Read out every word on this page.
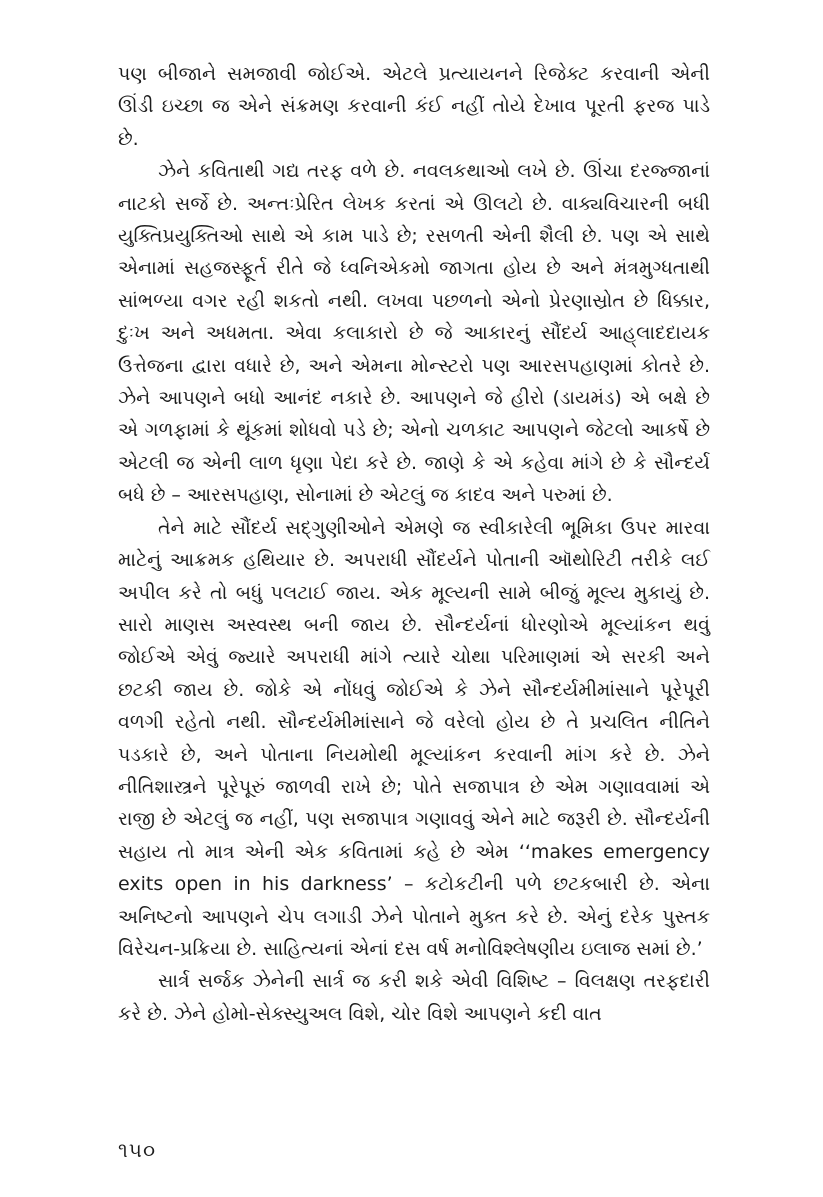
પણ બીજાને સમજાવી જોઈએ. એટલે પ્રત્યાયનને રિજેક્ટ કરવાની એની ઊંડી ઇચ્છા જ એને સંક્રમણ કરવાની કંઈ નહીં તોયે દેખાવ પૂરતી ફરજ પાડે છે.

ઝેને કવિતાથી ગદ્ય તરફ વળે છે. નવલકથાઓ લખે છે. ઊંચા દરજ્જાનાં નાટકો સર્જે છે. અન્તઃપ્રેરિત લેખક કરતાં એ ઊલટો છે. વાક્યવિચારની બધી યુક્તિપ્રયુક્તિઓ સાથે એ કામ પાડે છે; રસળતી એની શૈલી છે. પણ એ સાથે એનામાં સહજસ્ફૂર્ત રીતે જે ધ્વનિએકમો જાગતા હોય છે અને મંત્રમુગ્ધતાથી સાંભળ્યા વગર રહી શકતો નથી. લખવા પછળનો એનો પ્રેરણાસ્રોત છે ધિક્કાર, દુઃખ અને અધમતા. એવા કલાકારો છે જે આકારનું સૌંદર્ય આહ્‌લાદદાયક ઉત્તેજના દ્વારા વધારે છે, અને એમના મોન્સ્ટરો પણ આરસપહાણમાં કોતરે છે. ઝેને આપણને બધો આનંદ નકારે છે. આપણને જે હીરો (ડાયમંડ) એ બક્ષે છે એ ગળફામાં કે થૂંકમાં શોધવો પડે છે; એનો ચળકાટ આપણને જેટલો આકર્ષે છે એટલી જ એની લાળ ધૃણા પેદા કરે છે. જાણે કે એ કહેવા માંગે છે કે સૌન્દર્ય બધે છે – આરસપહાણ, સોનામાં છે એટલું જ કાદવ અને પરુમાં છે.

તેને માટે સૌંદર્ય સદ્‌ગુણીઓને એમણે જ સ્વીકારેલી ભૂમિકા ઉપર મારવા માટેનું આક્રમક હથિયાર છે. અપરાધી સૌંદર્યને પોતાની ઑથોરિટી તરીકે લઈ અપીલ કરે તો બધું પલટાઈ જાય. એક મૂલ્યની સામે બીજું મૂલ્ય મુકાયું છે. સારો માણસ અસ્વસ્થ બની જાય છે. સૌન્દર્યનાં ધોરણોએ મૂલ્યાંકન થવું જોઈએ એવું જ્યારે અપરાધી માંગે ત્યારે ચોથા પરિમાણમાં એ સરકી અને છટકી જાય છે. જોકે એ નોંધવું જોઈએ કે ઝેને સૌન્દર્યમીમાંસાને પૂરેપૂરી વળગી રહેતો નથી. સૌન્દર્યમીમાંસાને જે વરેલો હોય છે તે પ્રચલિત નીતિને પડકારે છે, અને પોતાના નિયમોથી મૂલ્યાંકન કરવાની માંગ કરે છે. ઝેને નીતિશાસ્ત્રને પૂરેપૂરું જાળવી રાખે છે; પોતે સજાપાત્ર છે એમ ગણાવવામાં એ રાજી છે એટલું જ નહીં, પણ સજાપાત્ર ગણાવવું એને માટે જરૂરી છે. સૌન્દર્યની સહાય તો માત્ર એની એક કવિતામાં કહે છે એમ ‘‘makes emergency exits open in his darkness’ – કટોકટીની પળે છટકબારી છે. એના અનિષ્ટનો આપણને ચેપ લગાડી ઝેને પોતાને મુક્ત કરે છે. એનું દરેક પુસ્તક વિરેચન-પ્રક્રિયા છે. સાહિત્યનાં એનાં દસ વર્ષ મનોવિશ્લેષણીય ઇલાજ સમાં છે.’

સાર્ત્ર સર્જક ઝેનેની સાર્ત્ર જ કરી શકે એવી વિશિષ્ટ – વિલક્ષણ તરફદારી કરે છે. ઝેને હોમો-સેક્સ્યુઅલ વિશે, ચોર વિશે આપણને કદી વાત

૧૫૦
